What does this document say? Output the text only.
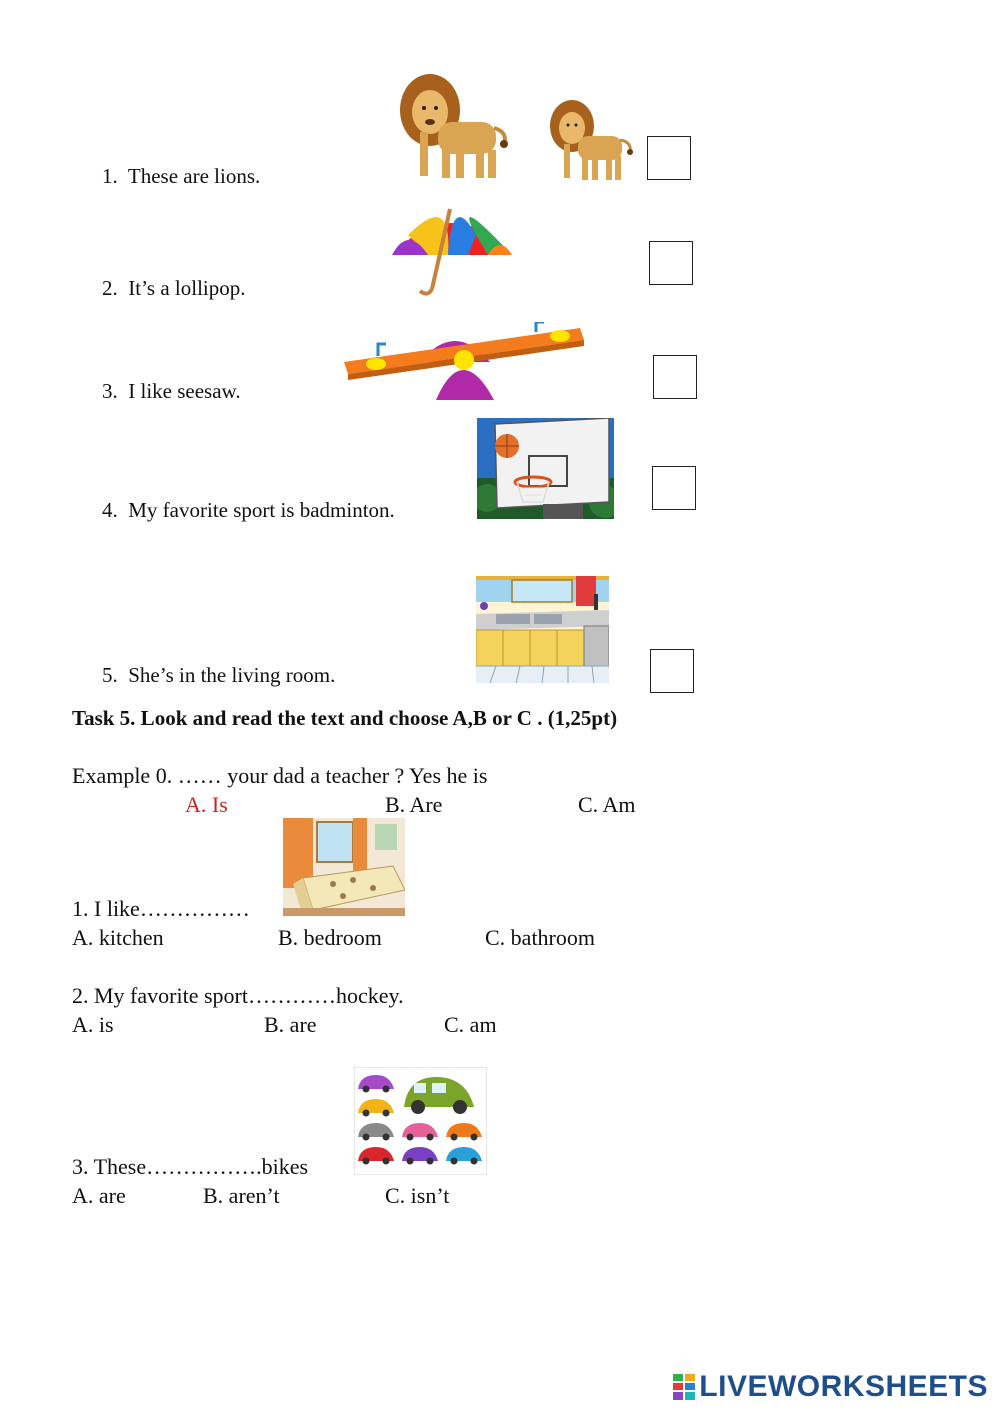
1. These are lions.
2. It’s a lollipop.
3. I like seesaw.
4. My favorite sport is badminton.
5. She’s in the living room.
Task 5. Look and read the text and choose A,B or C . (1,25pt)
Example 0. …… your dad a teacher ? Yes he is
A. Is	B. Are	C. Am
1. I like……………
A. kitchen	B. bedroom	C. bathroom
2. My favorite sport…………hockey.
A. is	B. are	C. am
3. These…………….bikes
A. are	B. aren’t	C. isn’t
LIVEWORKSHEETS
